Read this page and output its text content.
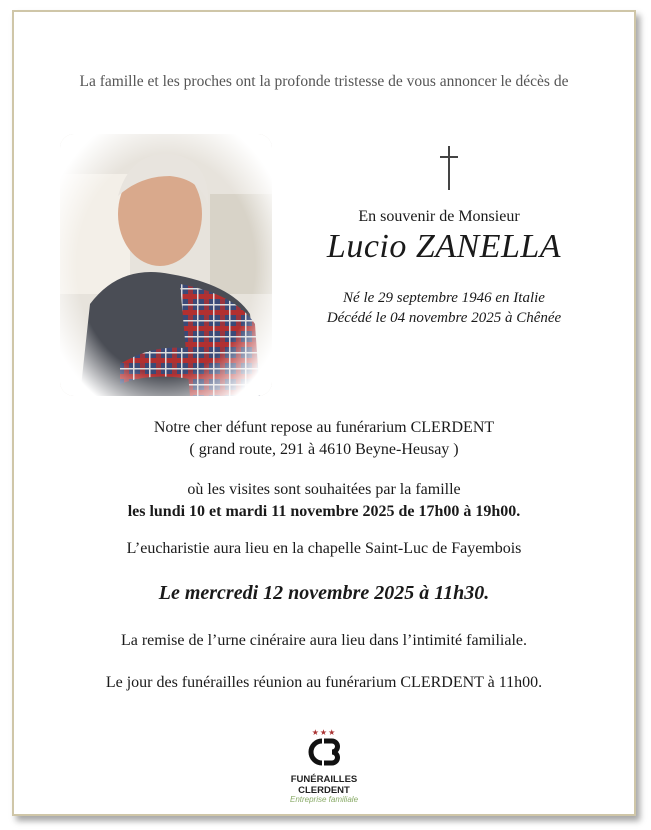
La famille et les proches ont la profonde tristesse de vous annoncer le décès de
En souvenir de Monsieur
Lucio ZANELLA
Né le 29 septembre 1946 en Italie
Décédé le 04 novembre 2025 à Chênée
Notre cher défunt repose au funérarium CLERDENT
( grand route, 291 à 4610 Beyne-Heusay )
où les visites sont souhaitées par la famille
les lundi 10 et mardi 11 novembre 2025 de 17h00 à 19h00.
L’eucharistie aura lieu en la chapelle Saint-Luc de Fayembois
Le mercredi 12 novembre 2025 à 11h30.
La remise de l’urne cinéraire aura lieu dans l’intimité familiale.
Le jour des funérailles réunion au funérarium CLERDENT à 11h00.
★★★
FUNÉRAILLES CLERDENT
Entreprise familiale
